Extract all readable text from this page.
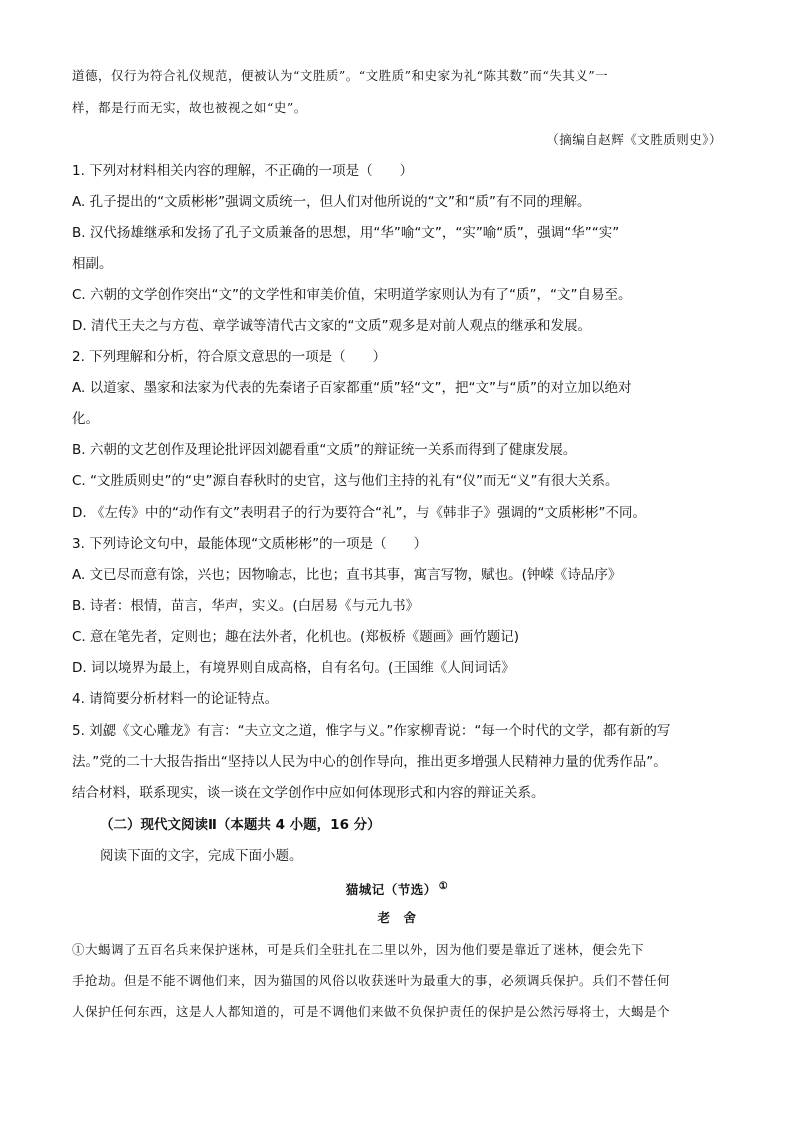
道德，仅行为符合礼仪规范，便被认为“文胜质”。“文胜质”和史家为礼“陈其数”而“失其义”一
样，都是行而无实，故也被视之如“史”。
（摘编自赵辉《文胜质则史》）
1. 下列对材料相关内容的理解，不正确的一项是（　　）
A. 孔子提出的“文质彬彬”强调文质统一，但人们对他所说的“文”和“质”有不同的理解。
B. 汉代扬雄继承和发扬了孔子文质兼备的思想，用“华”喻“文”，“实”喻“质”，强调“华”“实”
相副。
C. 六朝的文学创作突出“文”的文学性和审美价值，宋明道学家则认为有了“质”，“文”自易至。
D. 清代王夫之与方苞、章学诚等清代古文家的“文质”观多是对前人观点的继承和发展。
2. 下列理解和分析，符合原文意思的一项是（　　）
A. 以道家、墨家和法家为代表的先秦诸子百家都重“质”轻“文”，把“文”与“质”的对立加以绝对
化。
B. 六朝的文艺创作及理论批评因刘勰看重“文质”的辩证统一关系而得到了健康发展。
C. “文胜质则史”的“史”源自春秋时的史官，这与他们主持的礼有“仪”而无“义”有很大关系。
D. 《左传》中的“动作有文”表明君子的行为要符合“礼”，与《韩非子》强调的“文质彬彬”不同。
3. 下列诗论文句中，最能体现“文质彬彬”的一项是（　　）
A. 文已尽而意有馀，兴也；因物喻志，比也；直书其事，寓言写物，赋也。(钟嵘《诗品序》
B. 诗者：根情，苗言，华声，实义。(白居易《与元九书》
C. 意在笔先者，定则也；趣在法外者，化机也。(郑板桥《题画》画竹题记)
D. 词以境界为最上，有境界则自成高格，自有名句。(王国维《人间词话》
4. 请简要分析材料一的论证特点。
5. 刘勰《文心雕龙》有言：“夫立文之道，惟字与义。”作家柳青说：“每一个时代的文学，都有新的写
法。”党的二十大报告指出“坚持以人民为中心的创作导向，推出更多增强人民精神力量的优秀作品”。
结合材料，联系现实，谈一谈在文学创作中应如何体现形式和内容的辩证关系。
（二）现代文阅读Ⅱ（本题共 4 小题，16 分）
阅读下面的文字，完成下面小题。
猫城记（节选） ①
老　舍
①大蝎调了五百名兵来保护迷林，可是兵们全驻扎在二里以外，因为他们要是靠近了迷林，便会先下
手抢劫。但是不能不调他们来，因为猫国的风俗以收获迷叶为最重大的事，必须调兵保护。兵们不替任何
人保护任何东西，这是人人都知道的，可是不调他们来做不负保护责任的保护是公然污辱将士，大蝎是个
